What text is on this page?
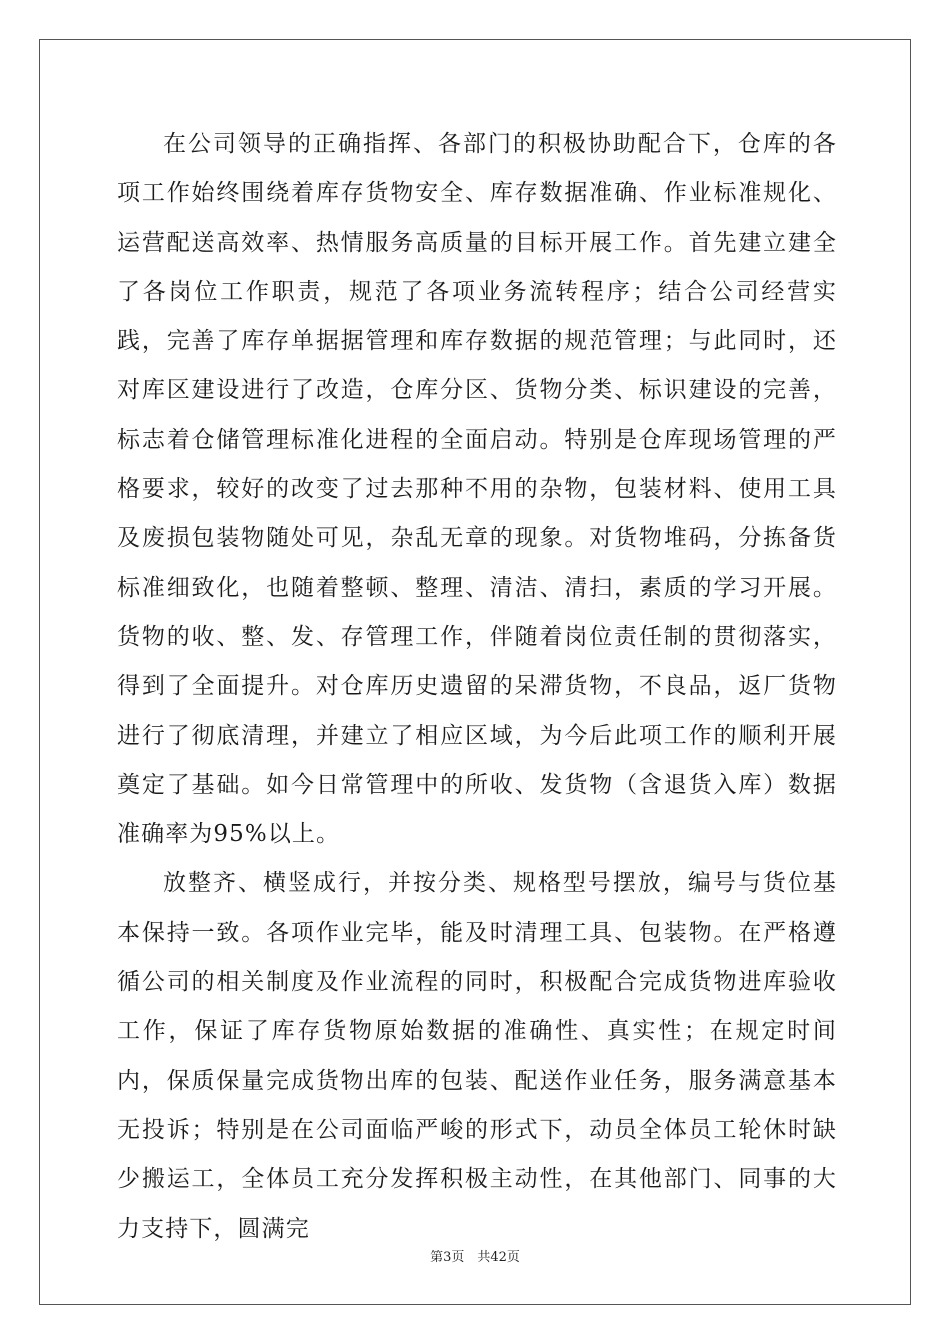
在公司领导的正确指挥、各部门的积极协助配合下，仓库的各项工作始终围绕着库存货物安全、库存数据准确、作业标准规化、运营配送高效率、热情服务高质量的目标开展工作。首先建立建全了各岗位工作职责，规范了各项业务流转程序；结合公司经营实践，完善了库存单据据管理和库存数据的规范管理；与此同时，还对库区建设进行了改造，仓库分区、货物分类、标识建设的完善，标志着仓储管理标准化进程的全面启动。特别是仓库现场管理的严格要求，较好的改变了过去那种不用的杂物，包装材料、使用工具及废损包装物随处可见，杂乱无章的现象。对货物堆码，分拣备货标准细致化，也随着整顿、整理、清洁、清扫，素质的学习开展。货物的收、整、发、存管理工作，伴随着岗位责任制的贯彻落实，得到了全面提升。对仓库历史遗留的呆滞货物，不良品，返厂货物进行了彻底清理，并建立了相应区域，为今后此项工作的顺利开展奠定了基础。如今日常管理中的所收、发货物（含退货入库）数据准确率为95%以上。

放整齐、横竖成行，并按分类、规格型号摆放，编号与货位基本保持一致。各项作业完毕，能及时清理工具、包装物。在严格遵循公司的相关制度及作业流程的同时，积极配合完成货物进库验收工作，保证了库存货物原始数据的准确性、真实性；在规定时间内，保质保量完成货物出库的包装、配送作业任务，服务满意基本无投诉；特别是在公司面临严峻的形式下，动员全体员工轮休时缺少搬运工，全体员工充分发挥积极主动性，在其他部门、同事的大力支持下，圆满完

第3页　共42页
